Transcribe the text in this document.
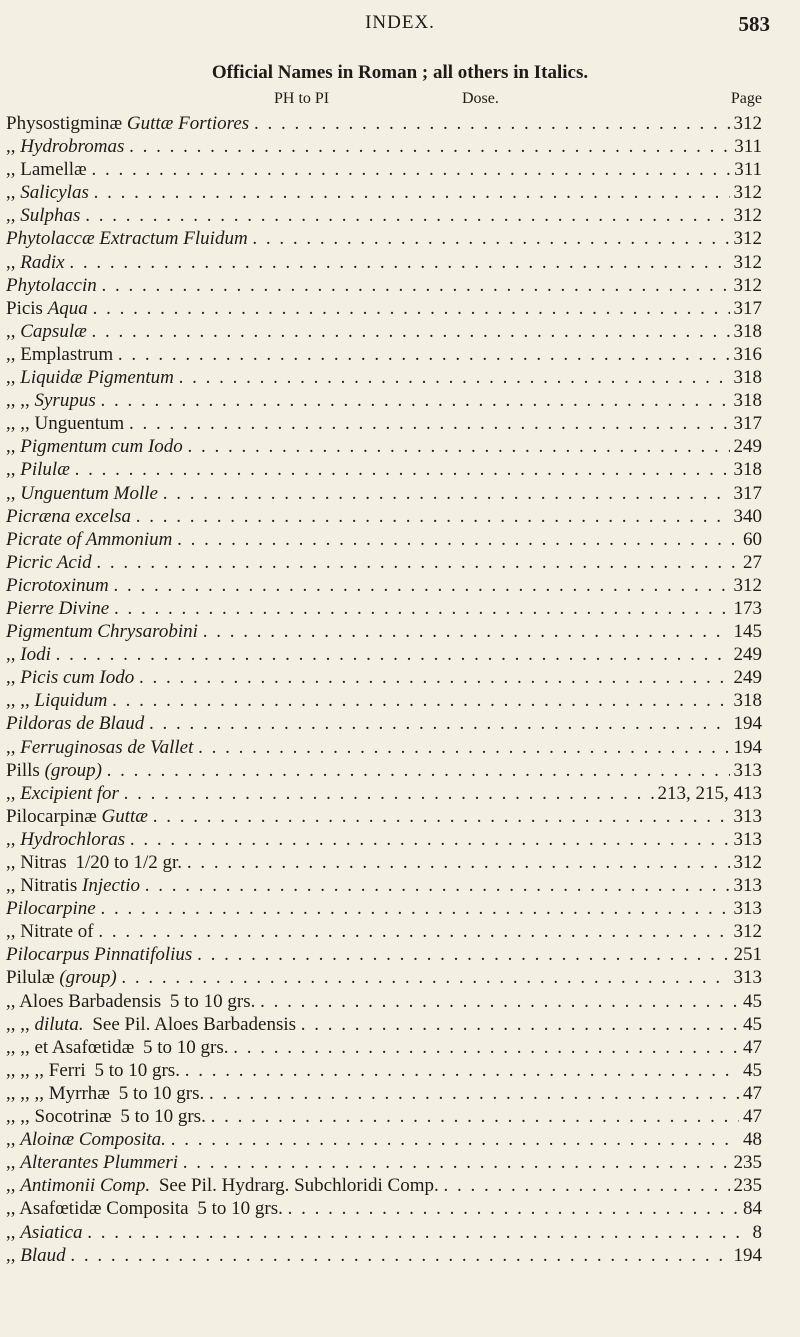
INDEX.	583
Official Names in Roman ; all others in Italics.
PH to PI	Dose.	Page
Physostigminæ Guttæ Fortiores . . .	312
,, Hydrobromas . . .	311
,, Lamellæ . . .	311
,, Salicylas . . .	312
,, Sulphas . . .	312
Phytolaccæ Extractum Fluidum . . .	312
,, Radix . . .	312
Phytolaccin . . .	312
Picis Aqua . . .	317
,, Capsulæ . . .	318
,, Emplastrum . . .	316
,, Liquidæ Pigmentum . . .	318
,, ,, Syrupus . . .	318
,, ,, Unguentum . . .	317
,, Pigmentum cum Iodo . . .	249
,, Pilulæ . . .	318
,, Unguentum Molle . . .	317
Picræna excelsa . . .	340
Picrate of Ammonium . . .	60
Picric Acid . . .	27
Picrotoxinum . . .	312
Pierre Divine . . .	173
Pigmentum Chrysarobini . . .	145
,, Iodi . . .	249
,, Picis cum Iodo . . .	249
,, ,, Liquidum . . .	318
Pildoras de Blaud . . .	194
,, Ferruginosas de Vallet . . .	194
Pills (group) . . .	313
,, Excipient for . . .	213, 215, 413
Pilocarpinæ Guttæ . . .	313
,, Hydrochloras . . .	313
,, Nitras 1/20 to 1/2 gr. . . .	312
,, Nitratis Injectio . . .	313
Pilocarpine . . .	313
,, Nitrate of . . .	312
Pilocarpus Pinnatifolius . . .	251
Pilulæ (group) . . .	313
,, Aloes Barbadensis 5 to 10 grs. . . .	45
,, ,, diluta. See Pil. Aloes Barbadensis . . .	45
,, ,, et Asafœtidæ 5 to 10 grs. . . .	47
,, ,, ,, Ferri 5 to 10 grs. . . .	45
,, ,, ,, Myrrhæ 5 to 10 grs. . . .	47
,, ,, Socotrinæ 5 to 10 grs. . . .	47
,, Aloinæ Composita. . . .	48
,, Alterantes Plummeri . . .	235
,, Antimonii Comp. See Pil. Hydrarg. Subchloridi Comp. . . .	235
,, Asafœtidæ Composita 5 to 10 grs. . . .	84
,, Asiatica . . .	8
,, Blaud . . .	194
